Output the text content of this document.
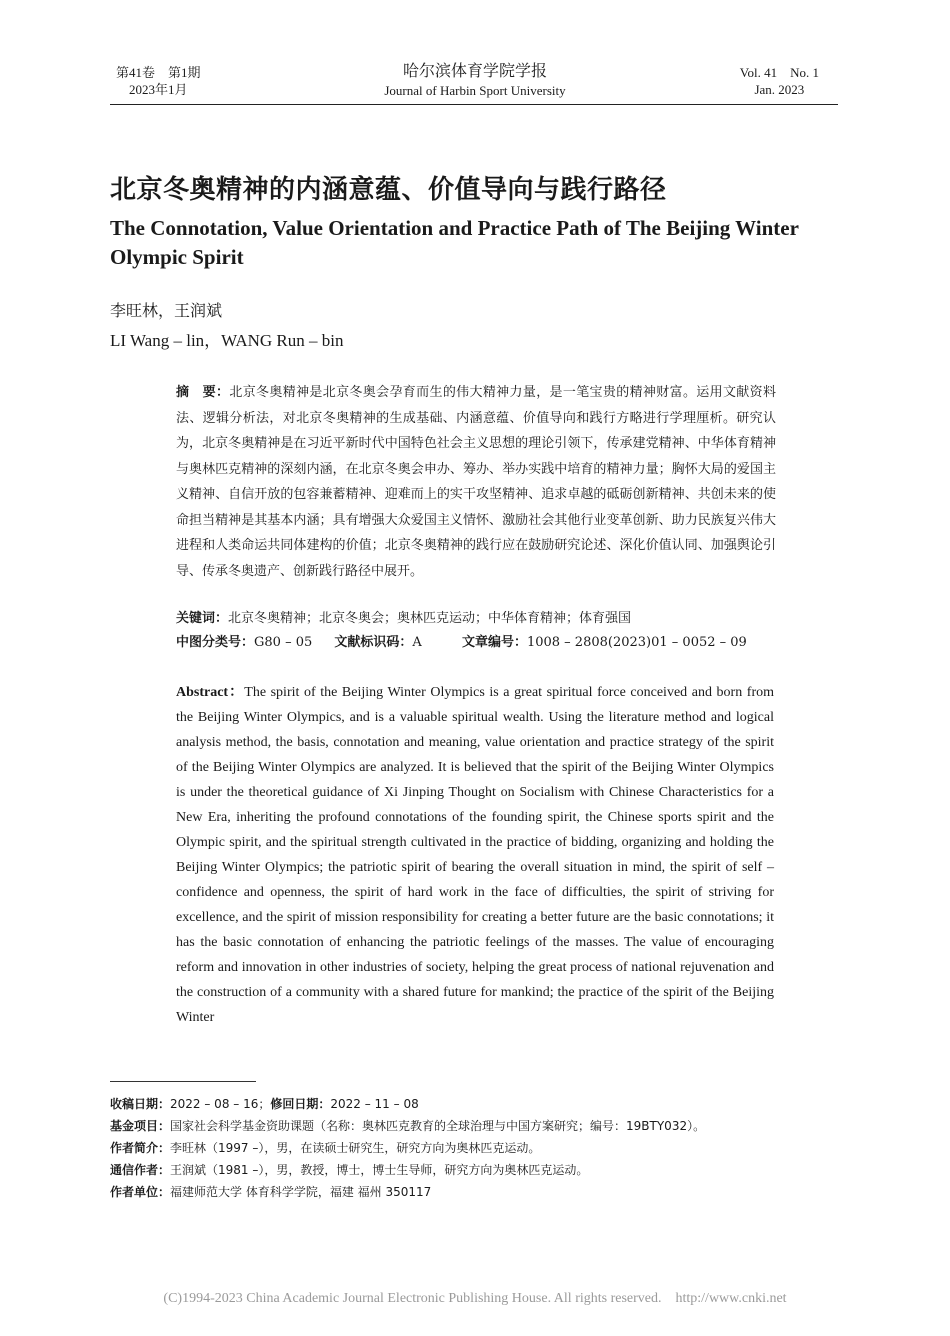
第41卷　第1期
2023年1月
哈尔滨体育学院学报
Journal of Harbin Sport University
Vol. 41　No. 1
Jan. 2023
北京冬奥精神的内涵意蕴、价值导向与践行路径
The Connotation, Value Orientation and Practice Path of The Beijing Winter Olympic Spirit
李旺林，王润斌
LI Wang – lin，WANG Run – bin
摘　要：北京冬奥精神是北京冬奥会孕育而生的伟大精神力量，是一笔宝贵的精神财富。运用文献资料法、逻辑分析法，对北京冬奥精神的生成基础、内涵意蕴、价值导向和践行方略进行学理厘析。研究认为，北京冬奥精神是在习近平新时代中国特色社会主义思想的理论引领下，传承建党精神、中华体育精神与奥林匹克精神的深刻内涵，在北京冬奥会申办、筹办、举办实践中培育的精神力量；胸怀大局的爱国主义精神、自信开放的包容兼蓄精神、迎难而上的实干攻坚精神、追求卓越的砥砺创新精神、共创未来的使命担当精神是其基本内涵；具有增强大众爱国主义情怀、激励社会其他行业变革创新、助力民族复兴伟大进程和人类命运共同体建构的价值；北京冬奥精神的践行应在鼓励研究论述、深化价值认同、加强舆论引导、传承冬奥遗产、创新践行路径中展开。
关键词：北京冬奥精神；北京冬奥会；奥林匹克运动；中华体育精神；体育强国
中图分类号：G80 – 05 文献标识码：A	文章编号：1008 – 2808(2023)01 – 0052 – 09
Abstract：The spirit of the Beijing Winter Olympics is a great spiritual force conceived and born from the Beijing Winter Olympics, and is a valuable spiritual wealth. Using the literature method and logical analysis method, the basis, connotation and meaning, value orientation and practice strategy of the spirit of the Beijing Winter Olympics are analyzed. It is believed that the spirit of the Beijing Winter Olympics is under the theoretical guidance of Xi Jinping Thought on Socialism with Chinese Characteristics for a New Era, inheriting the profound connotations of the founding spirit, the Chinese sports spirit and the Olympic spirit, and the spiritual strength cultivated in the practice of bidding, organizing and holding the Beijing Winter Olympics; the patriotic spirit of bearing the overall situation in mind, the spirit of self – confidence and openness, the spirit of hard work in the face of difficulties, the spirit of striving for excellence, and the spirit of mission responsibility for creating a better future are the basic connotations; it has the basic connotation of enhancing the patriotic feelings of the masses. The value of encouraging reform and innovation in other industries of society, helping the great process of national rejuvenation and the construction of a community with a shared future for mankind; the practice of the spirit of the Beijing Winter
收稿日期：2022 – 08 – 16；修回日期：2022 – 11 – 08
基金项目：国家社会科学基金资助课题（名称：奥林匹克教育的全球治理与中国方案研究；编号：19BTY032）。
作者简介：李旺林（1997 –），男，在读硕士研究生，研究方向为奥林匹克运动。
通信作者：王润斌（1981 –），男，教授，博士，博士生导师，研究方向为奥林匹克运动。
作者单位：福建师范大学 体育科学学院，福建 福州 350117
(C)1994-2023 China Academic Journal Electronic Publishing House. All rights reserved.    http://www.cnki.net
